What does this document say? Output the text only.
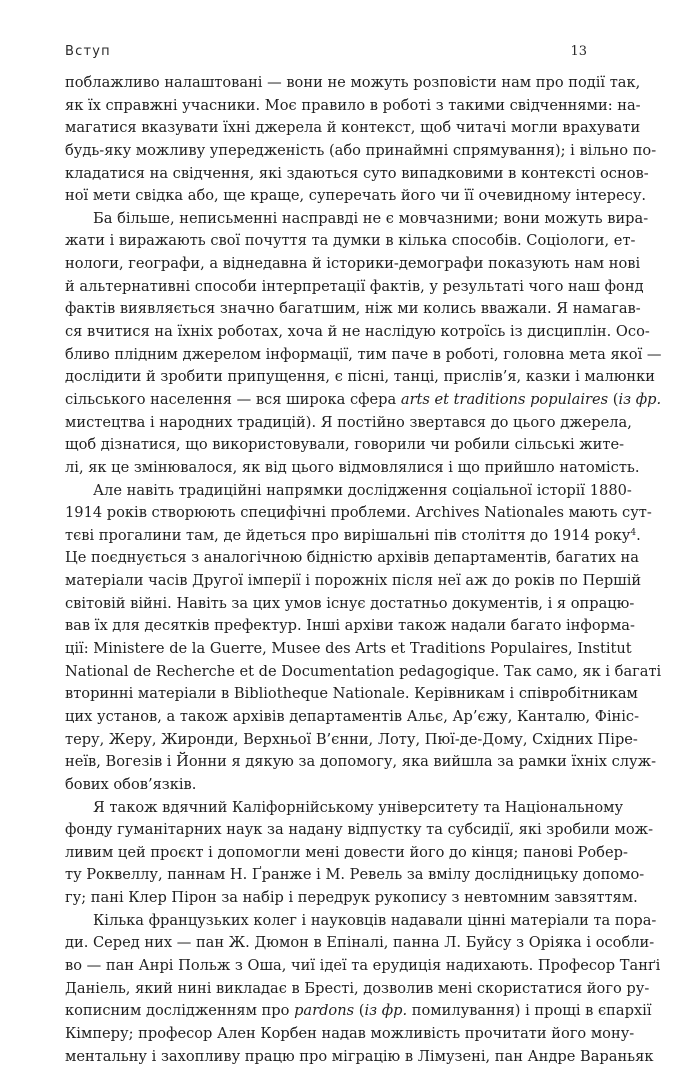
Вступ	13
поблажливо налаштовані — вони не можуть розповісти нам про події так,
як їх справжні учасники. Моє правило в роботі з такими свідченнями: на-
магатися вказувати їхні джерела й контекст, щоб читачі могли врахувати
будь-яку можливу упередженість (або принаймні спрямування); і вільно по-
кладатися на свідчення, які здаються суто випадковими в контексті основ-
ної мети свідка або, ще краще, суперечать його чи її очевидному інтересу.
Ба більше, неписьменні насправді не є мовчазними; вони можуть вира-
жати і виражають свої почуття та думки в кілька способів. Соціологи, ет-
нологи, географи, а віднедавна й історики-демографи показують нам нові
й альтернативні способи інтерпретації фактів, у результаті чого наш фонд
фактів виявляється значно багатшим, ніж ми колись вважали. Я намагав-
ся вчитися на їхніх роботах, хоча й не наслідую котроїсь із дисциплін. Осо-
бливо плідним джерелом інформації, тим паче в роботі, головна мета якої —
дослідити й зробити припущення, є пісні, танці, прислів’я, казки і малюнки
сільського населення — вся широка сфера arts et traditions populaires (із фр.
мистецтва і народних традицій). Я постійно звертався до цього джерела,
щоб дізнатися, що використовували, говорили чи робили сільські жите-
лі, як це змінювалося, як від цього відмовлялися і що прийшло натомість.
Але навіть традиційні напрямки дослідження соціальної історії 1880-
1914 років створюють специфічні проблеми. Archives Nationales мають сут-
тєві прогалини там, де йдеться про вирішальні пів століття до 1914 року$^4$.
Це поєднується з аналогічною бідністю архівів департаментів, багатих на
матеріали часів Другої імперії і порожніх після неї аж до років по Першій
світовій війні. Навіть за цих умов існує достатньо документів, і я опрацю-
вав їх для десятків префектур. Інші архіви також надали багато інформа-
ції: Ministere de la Guerre, Musee des Arts et Traditions Populaires, Institut
National de Recherche et de Documentation pedagogique. Так само, як і багаті
вторинні матеріали в Bibliotheque Nationale. Керівникам і співробітникам
цих установ, а також архівів департаментів Альє, Ар’єжу, Канталю, Фініс-
теру, Жеру, Жиронди, Верхньої В’єнни, Лоту, Пюї-де-Дому, Східних Піре-
неїв, Вогезів і Йонни я дякую за допомогу, яка вийшла за рамки їхніх служ-
бових обов’язків.
Я також вдячний Каліфорнійському університету та Національному
фонду гуманітарних наук за надану відпустку та субсидії, які зробили мож-
ливим цей проєкт і допомогли мені довести його до кінця; панові Робер-
ту Роквеллу, паннам Н. Ґранже і М. Ревель за вмілу дослідницьку допомо-
гу; пані Клер Пірон за набір і передрук рукопису з невтомним завзяттям.
Кілька французьких колег і науковців надавали цінні матеріали та пора-
ди. Серед них — пан Ж. Дюмон в Епіналі, панна Л. Буйсу з Оріяка і особли-
во — пан Анрі Польж з Оша, чиї ідеї та ерудиція надихають. Професор Танґі
Даніель, який нині викладає в Бресті, дозволив мені скористатися його ру-
кописним дослідженням про pardons (із фр. помилування) і прощі в єпархії
Кімперу; професор Ален Корбен надав можливість прочитати його мону-
ментальну і захопливу працю про міграцію в Лімузені, пан Андре Вараньяк
